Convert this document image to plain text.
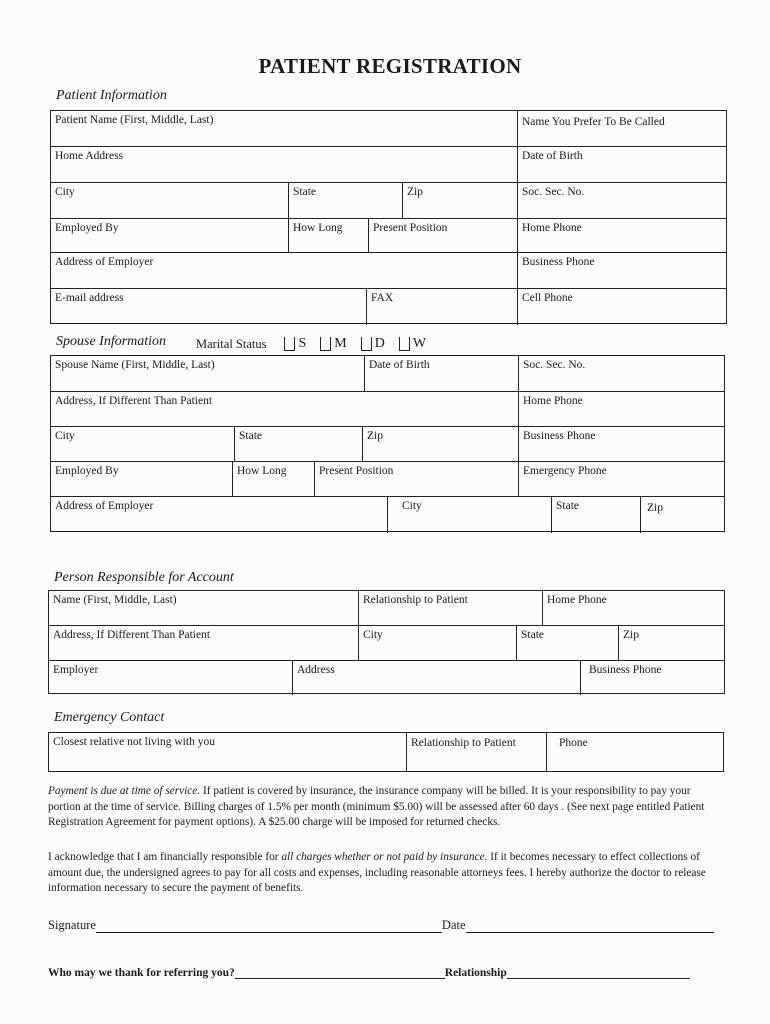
PATIENT REGISTRATION

Patient Information

Patient Name (First, Middle, Last)	Name You Prefer To Be Called
Home Address	Date of Birth
City	State	Zip	Soc. Sec. No.
Employed By	How Long	Present Position	Home Phone
Address of Employer	Business Phone
E-mail address	FAX	Cell Phone

Spouse Information Marital Status S M D W
Spouse Name (First, Middle, Last)	Date of Birth	Soc. Sec. No.
Address, If Different Than Patient	Home Phone
City	State	Zip	Business Phone
Employed By	How Long	Present Position	Emergency Phone
Address of Employer	City	State	Zip

Person Responsible for Account

Name (First, Middle, Last)	Relationship to Patient	Home Phone
Address, If Different Than Patient	City	State	Zip
Employer	Address	Business Phone

Emergency Contact

Closest relative not living with you	Relationship to Patient	Phone

Payment is due at time of service. If patient is covered by insurance, the insurance company will be billed. It is your responsibility to pay your portion at the time of service. Billing charges of 1.5% per month (minimum $5.00) will be assessed after 60 days . (See next page entitled Patient Registration Agreement for payment options). A $25.00 charge will be imposed for returned checks.

I acknowledge that I am financially responsible for all charges whether or not paid by insurance. If it becomes necessary to effect collections of amount due, the undersigned agrees to pay for all costs and expenses, including reasonable attorneys fees. I hereby authorize the doctor to release information necessary to secure the payment of benefits.

Signature	Date
Who may we thank for referring you?	Relationship
